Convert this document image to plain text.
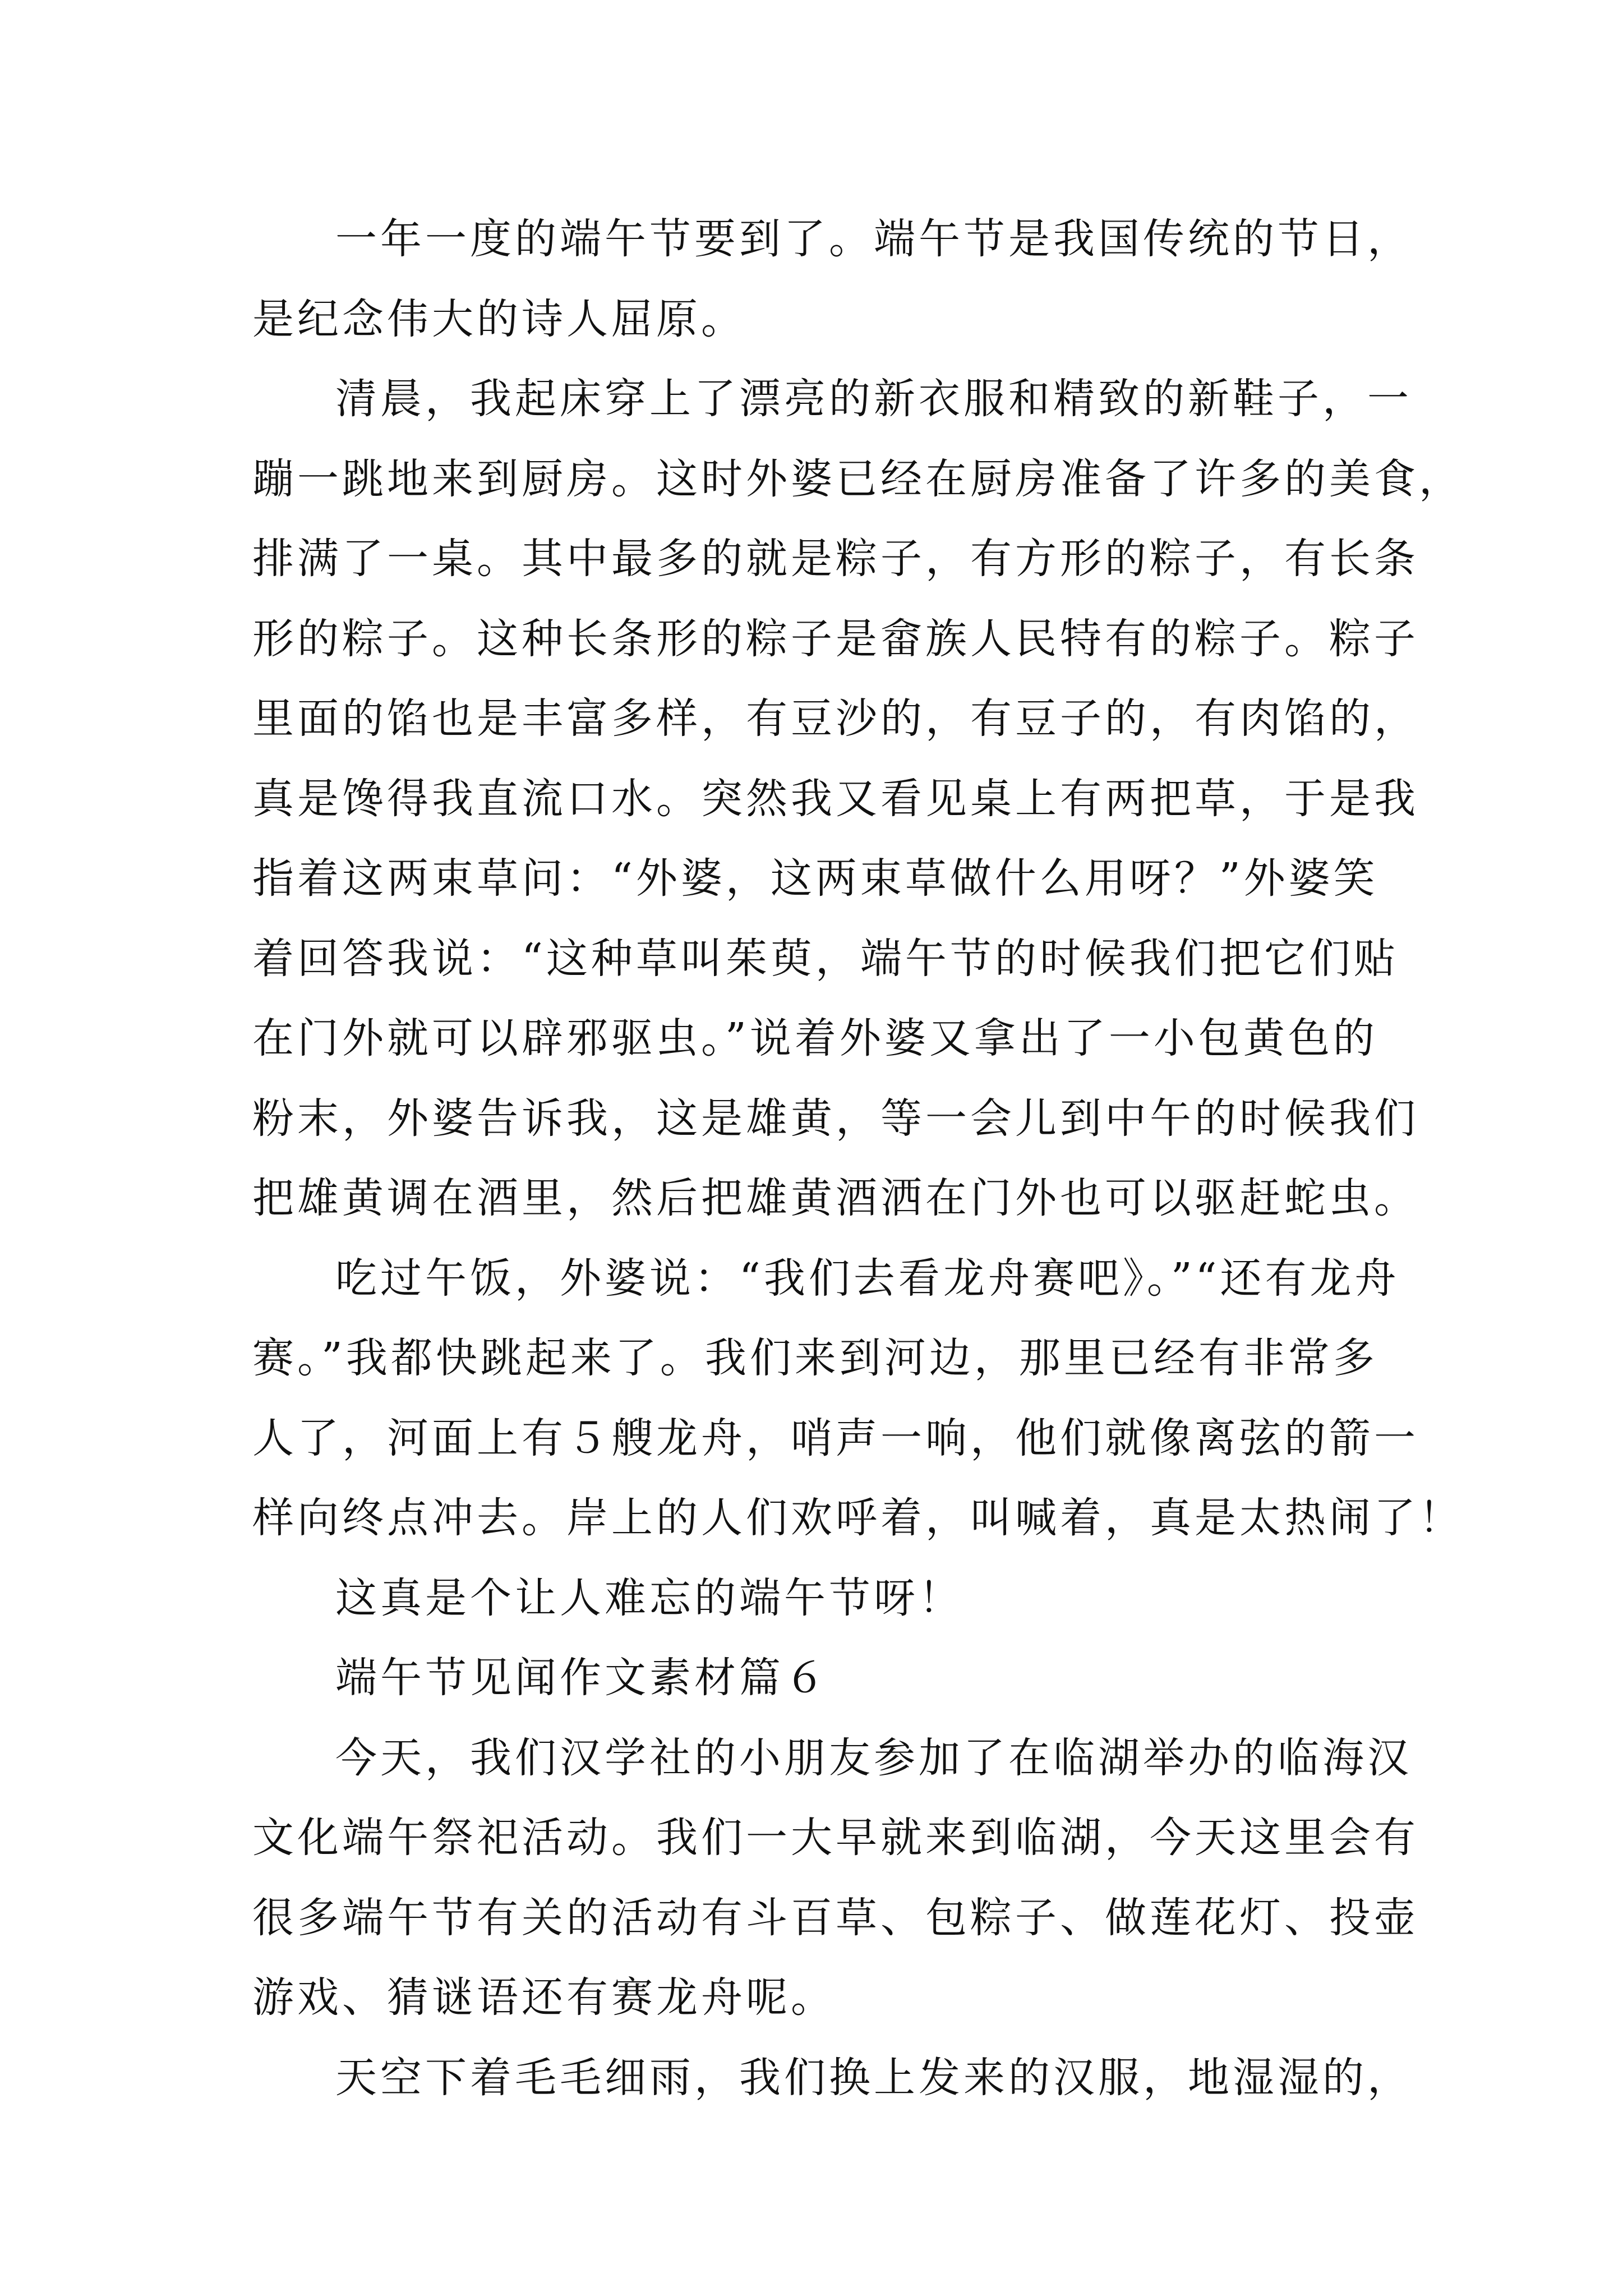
一年一度的端午节要到了。端午节是我国传统的节日，
是纪念伟大的诗人屈原。
清晨，我起床穿上了漂亮的新衣服和精致的新鞋子，一
蹦一跳地来到厨房。这时外婆已经在厨房准备了许多的美食，
排满了一桌。其中最多的就是粽子，有方形的粽子，有长条
形的粽子。这种长条形的粽子是畲族人民特有的粽子。粽子
里面的馅也是丰富多样，有豆沙的，有豆子的，有肉馅的，
真是馋得我直流口水。突然我又看见桌上有两把草，于是我
指着这两束草问：“外婆，这两束草做什么用呀？”外婆笑
着回答我说：“这种草叫茱萸，端午节的时候我们把它们贴
在门外就可以辟邪驱虫。”说着外婆又拿出了一小包黄色的
粉末，外婆告诉我，这是雄黄，等一会儿到中午的时候我们
把雄黄调在酒里，然后把雄黄酒洒在门外也可以驱赶蛇虫。
吃过午饭，外婆说：“我们去看龙舟赛吧》。”“还有龙舟
赛。”我都快跳起来了。我们来到河边，那里已经有非常多
人了，河面上有５艘龙舟，哨声一响，他们就像离弦的箭一
样向终点冲去。岸上的人们欢呼着，叫喊着，真是太热闹了！
这真是个让人难忘的端午节呀！
端午节见闻作文素材篇６
今天，我们汉学社的小朋友参加了在临湖举办的临海汉
文化端午祭祀活动。我们一大早就来到临湖，今天这里会有
很多端午节有关的活动有斗百草、包粽子、做莲花灯、投壶
游戏、猜谜语还有赛龙舟呢。
天空下着毛毛细雨，我们换上发来的汉服，地湿湿的，
